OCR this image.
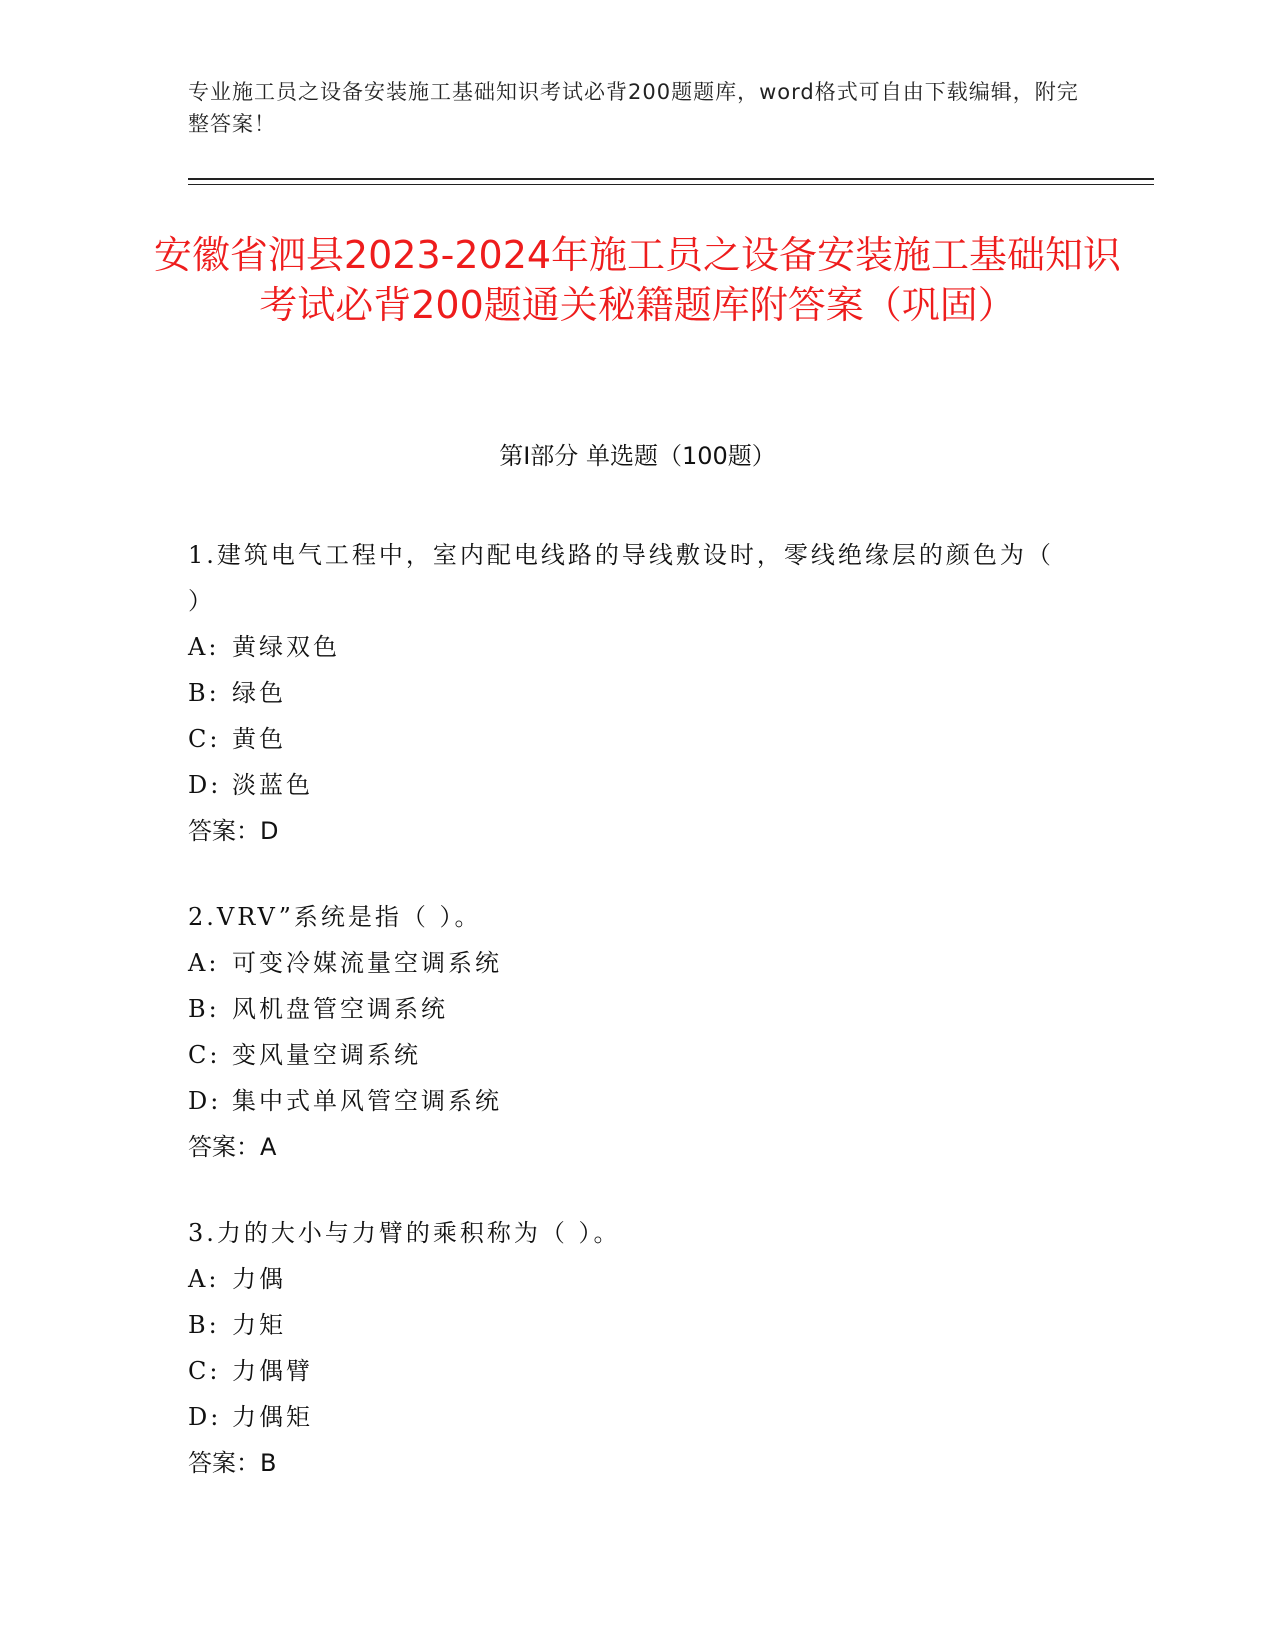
专业施工员之设备安装施工基础知识考试必背200题题库，word格式可自由下载编辑，附完整答案！
安徽省泗县2023-2024年施工员之设备安装施工基础知识考试必背200题通关秘籍题库附答案（巩固）
第I部分 单选题（100题）

1.建筑电气工程中，室内配电线路的导线敷设时，零线绝缘层的颜色为（ ）

A: 黄绿双色
B: 绿色
C: 黄色
D: 淡蓝色

答案：D

2.VRV”系统是指（ ）。

A: 可变冷媒流量空调系统
B: 风机盘管空调系统
C: 变风量空调系统
D: 集中式单风管空调系统

答案：A

3.力的大小与力臂的乘积称为（ ）。

A: 力偶
B: 力矩
C: 力偶臂
D: 力偶矩

答案：B
